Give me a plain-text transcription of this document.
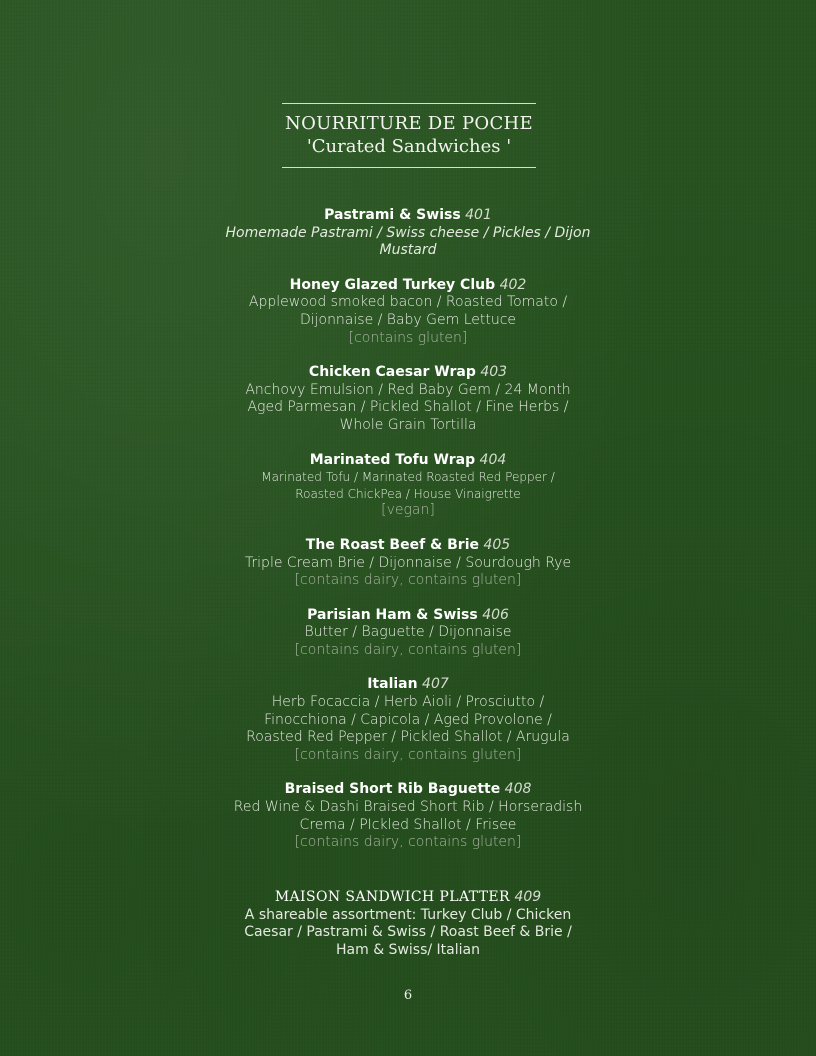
NOURRITURE DE POCHE
'Curated Sandwiches '
Pastrami & Swiss 401
Homemade Pastrami / Swiss cheese / Pickles / Dijon
Mustard
Honey Glazed Turkey Club 402
Applewood smoked bacon / Roasted Tomato /
Dijonnaise / Baby Gem Lettuce
[contains gluten]
Chicken Caesar Wrap 403
Anchovy Emulsion / Red Baby Gem / 24 Month
Aged Parmesan / Pickled Shallot / Fine Herbs /
Whole Grain Tortilla
Marinated Tofu Wrap 404
Marinated Tofu / Marinated Roasted Red Pepper /
Roasted ChickPea / House Vinaigrette
[vegan]
The Roast Beef & Brie 405
Triple Cream Brie / Dijonnaise / Sourdough Rye
[contains dairy, contains gluten]
Parisian Ham & Swiss 406
Butter / Baguette / Dijonnaise
[contains dairy, contains gluten]
Italian 407
Herb Focaccia / Herb Aioli / Prosciutto /
Finocchiona / Capicola / Aged Provolone /
Roasted Red Pepper / Pickled Shallot / Arugula
[contains dairy, contains gluten]
Braised Short Rib Baguette 408
Red Wine & Dashi Braised Short Rib / Horseradish
Crema / PIckled Shallot / Frisee
[contains dairy, contains gluten]
MAISON SANDWICH PLATTER 409
A shareable assortment: Turkey Club / Chicken
Caesar / Pastrami & Swiss / Roast Beef & Brie /
Ham & Swiss/ Italian
6
